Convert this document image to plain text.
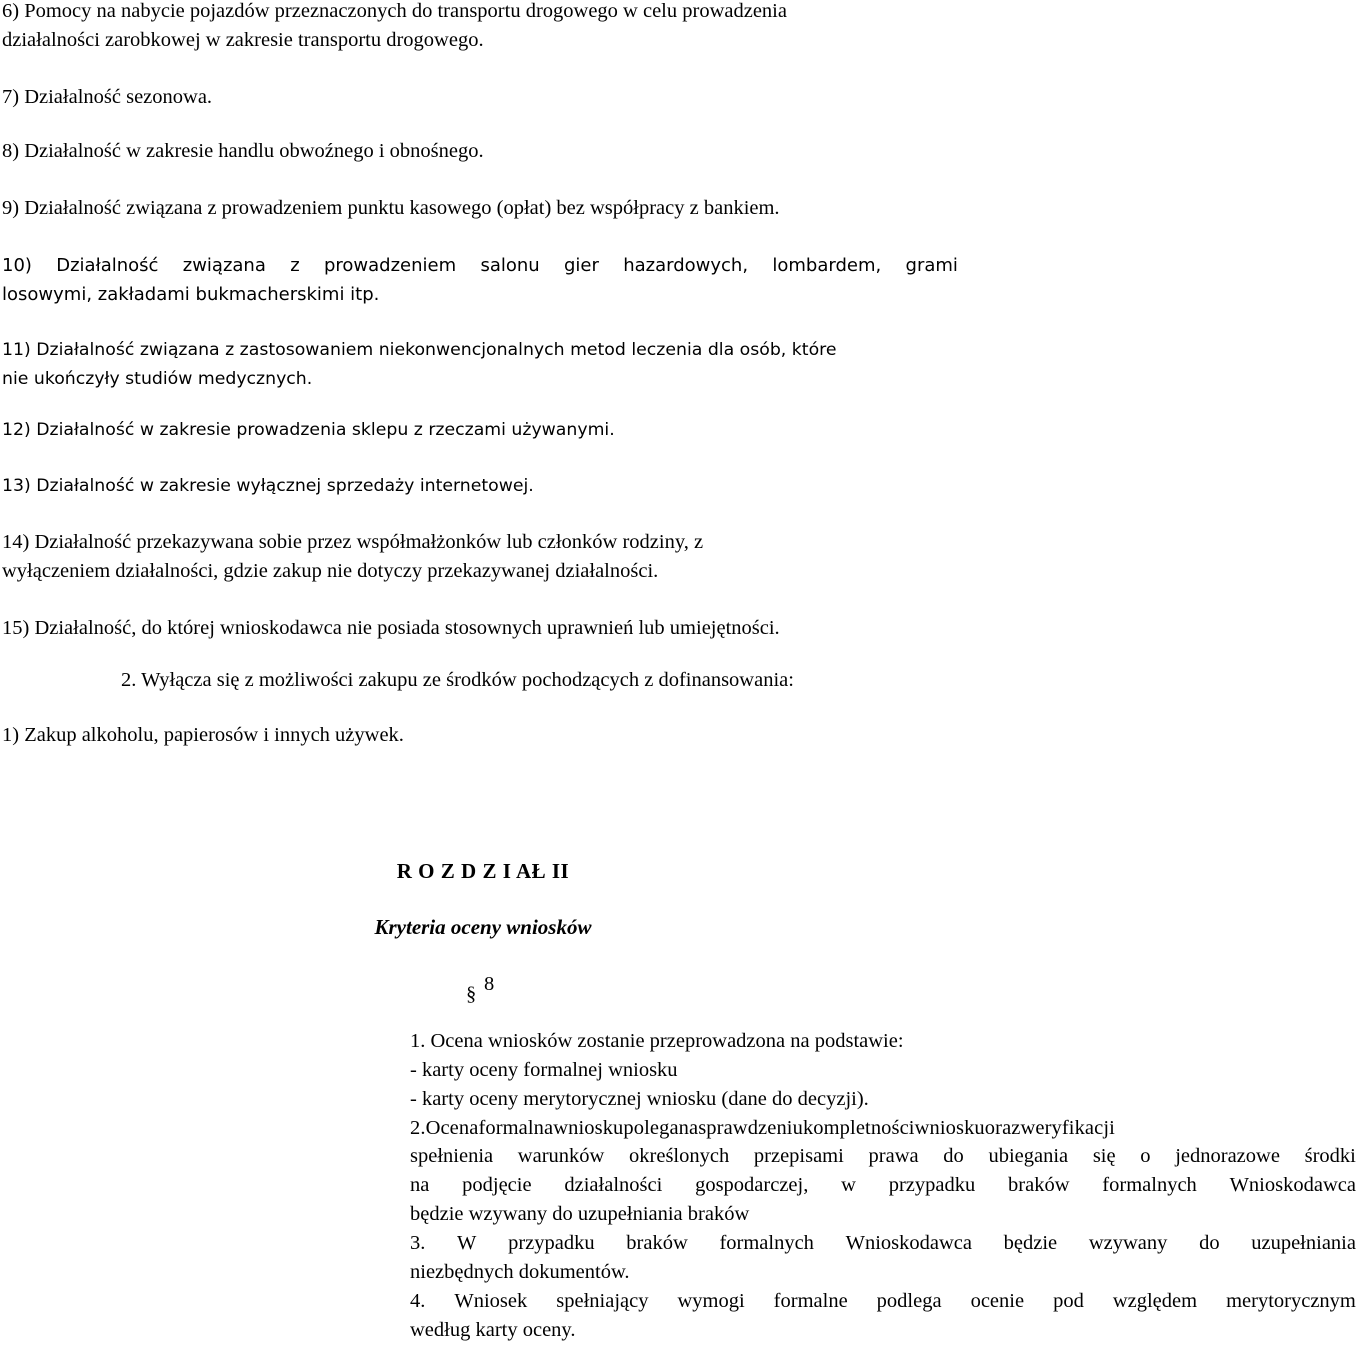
6) Pomocy na nabycie pojazdów przeznaczonych do transportu drogowego w celu prowadzenia
działalności zarobkowej w zakresie transportu drogowego.

7) Działalność sezonowa.

8) Działalność w zakresie handlu obwoźnego i obnośnego.

9) Działalność związana z prowadzeniem punktu kasowego (opłat) bez współpracy z bankiem.

10) Działalność związana z prowadzeniem salonu gier hazardowych, lombardem, grami
losowymi, zakładami bukmacherskimi itp.

11) Działalność związana z zastosowaniem niekonwencjonalnych metod leczenia dla osób, które
nie ukończyły studiów medycznych.

12) Działalność w zakresie prowadzenia sklepu z rzeczami używanymi.

13) Działalność w zakresie wyłącznej sprzedaży internetowej.

14) Działalność przekazywana sobie przez współmałżonków lub członków rodziny, z
wyłączeniem działalności, gdzie zakup nie dotyczy przekazywanej działalności.

15) Działalność, do której wnioskodawca nie posiada stosownych uprawnień lub umiejętności.

2. Wyłącza się z możliwości zakupu ze środków pochodzących z dofinansowania:

1) Zakup alkoholu, papierosów i innych używek.

R O Z D Z I AŁ II

Kryteria oceny wniosków

§ 8
1. Ocena wniosków zostanie przeprowadzona na podstawie:
- karty oceny formalnej wniosku
- karty oceny merytorycznej wniosku (dane do decyzji).
2. Ocena formalna wniosku polega na sprawdzeniu kompletności wniosku oraz weryfikacji
spełnienia warunków określonych przepisami prawa do ubiegania się o jednorazowe środki
na podjęcie działalności gospodarczej, w przypadku braków formalnych Wnioskodawca
będzie wzywany do uzupełniania braków
3. W przypadku braków formalnych Wnioskodawca będzie wzywany do uzupełniania
niezbędnych dokumentów.
4. Wniosek spełniający wymogi formalne podlega ocenie pod względem merytorycznym
według karty oceny.
